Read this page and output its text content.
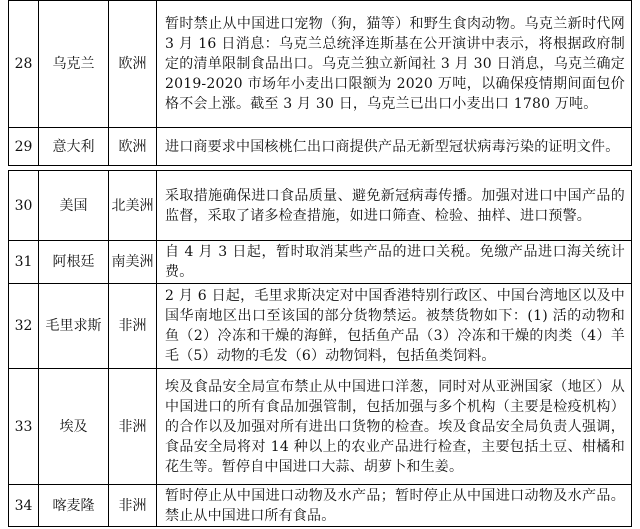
28	乌克兰	欧洲	暂时禁止从中国进口宠物（狗，猫等）和野生食肉动物。乌克兰新时代网 3 月 16 日消息：乌克兰总统泽连斯基在公开演讲中表示，将根据政府制定的清单限制食品出口。乌克兰独立新闻社 3 月 30 日消息，乌克兰确定 2019-2020 市场年小麦出口限额为 2020 万吨，以确保疫情期间面包价格不会上涨。截至 3 月 30 日，乌克兰已出口小麦出口 1780 万吨。
29	意大利	欧洲	进口商要求中国核桃仁出口商提供产品无新型冠状病毒污染的证明文件。
30	美国	北美洲	采取措施确保进口食品质量、避免新冠病毒传播。加强对进口中国产品的监督，采取了诸多检查措施，如进口筛查、检验、抽样、进口预警。
31	阿根廷	南美洲	自 4 月 3 日起，暂时取消某些产品的进口关税。免缴产品进口海关统计费。
32	毛里求斯	非洲	2 月 6 日起，毛里求斯决定对中国香港特别行政区、中国台湾地区以及中国华南地区出口至该国的部分货物禁运。被禁货物如下：(1) 活的动物和鱼（2）冷冻和干燥的海鲜，包括鱼产品（3）冷冻和干燥的肉类（4）羊毛（5）动物的毛发（6）动物饲料，包括鱼类饲料。
33	埃及	非洲	埃及食品安全局宣布禁止从中国进口洋葱，同时对从亚洲国家（地区）从中国进口的所有食品加强管制，包括加强与多个机构（主要是检疫机构）的合作以及加强对所有进出口货物的检查。埃及食品安全局负责人强调，食品安全局将对 14 种以上的农业产品进行检查，主要包括土豆、柑橘和花生等。暂停自中国进口大蒜、胡萝卜和生姜。
34	喀麦隆	非洲	暂时停止从中国进口动物及水产品；暂时停止从中国进口动物及水产品。禁止从中国进口所有食品。
